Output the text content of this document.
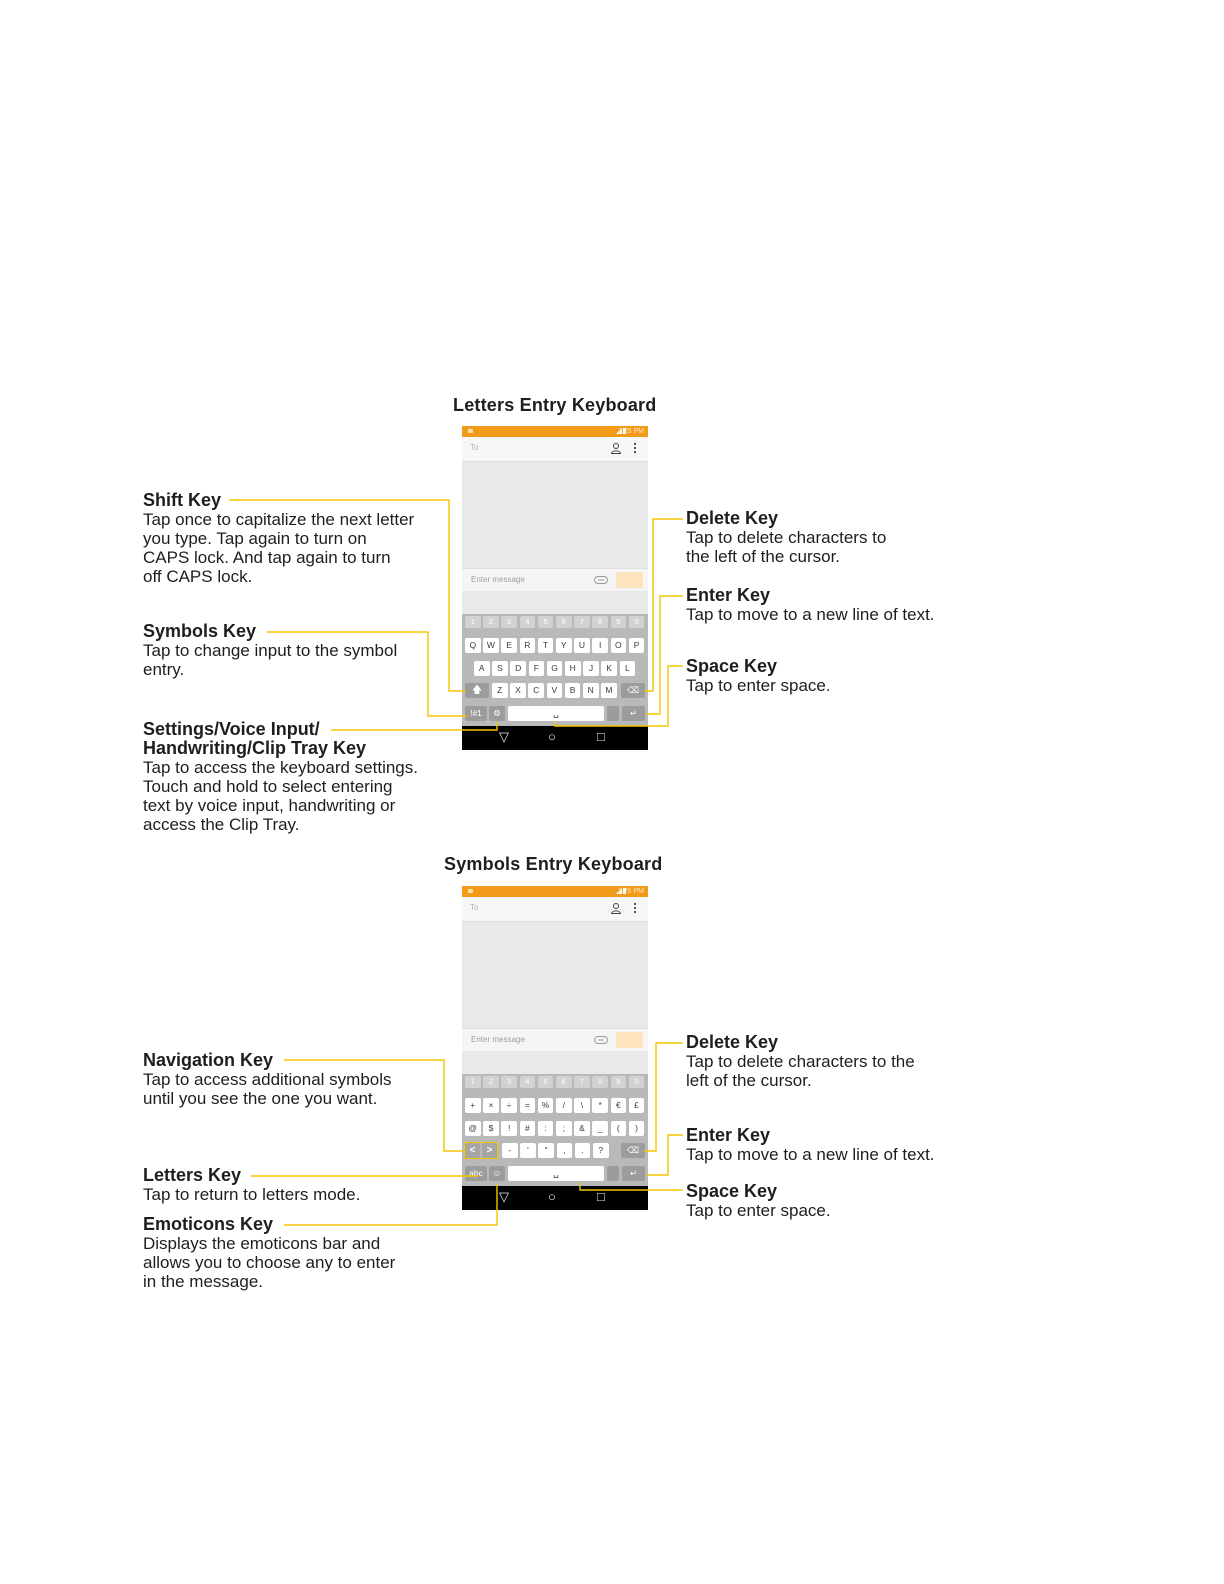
Letters Entry Keyboard
2:25 PM
To
Enter message
1	2	3	4	5	6	7	8	9	0
Q	W	E	R	T	Y	U	I	O	P
A	S	D	F	G	H	J	K	L
🡅	Z	X	C	V	B	N	M	⌫
!#1	⚙	␣	↵
▽	○	□
Symbols Entry Keyboard
2:25 PM
To
Enter message
1	2	3	4	5	6	7	8	9	0
+	×	÷	=	%	/	\	*	€	£
@	$	!	#	:	;	&	_	(	)
<	>	-	'	"	,	.	?	⌫
abc	☺	␣	↵
▽	○	□
Shift Key
Tap once to capitalize the next letter
you type. Tap again to turn on
CAPS lock. And tap again to turn
off CAPS lock.
Symbols Key
Tap to change input to the symbol
entry.
Settings/Voice Input/
Handwriting/Clip Tray Key
Tap to access the keyboard settings.
Touch and hold to select entering
text by voice input, handwriting or
access the Clip Tray.
Delete Key
Tap to delete characters to
the left of the cursor.
Enter Key
Tap to move to a new line of text.
Space Key
Tap to enter space.
Navigation Key
Tap to access additional symbols
until you see the one you want.
Letters Key
Tap to return to letters mode.
Emoticons Key
Displays the emoticons bar and
allows you to choose any to enter
in the message.
Delete Key
Tap to delete characters to the
left of the cursor.
Enter Key
Tap to move to a new line of text.
Space Key
Tap to enter space.
